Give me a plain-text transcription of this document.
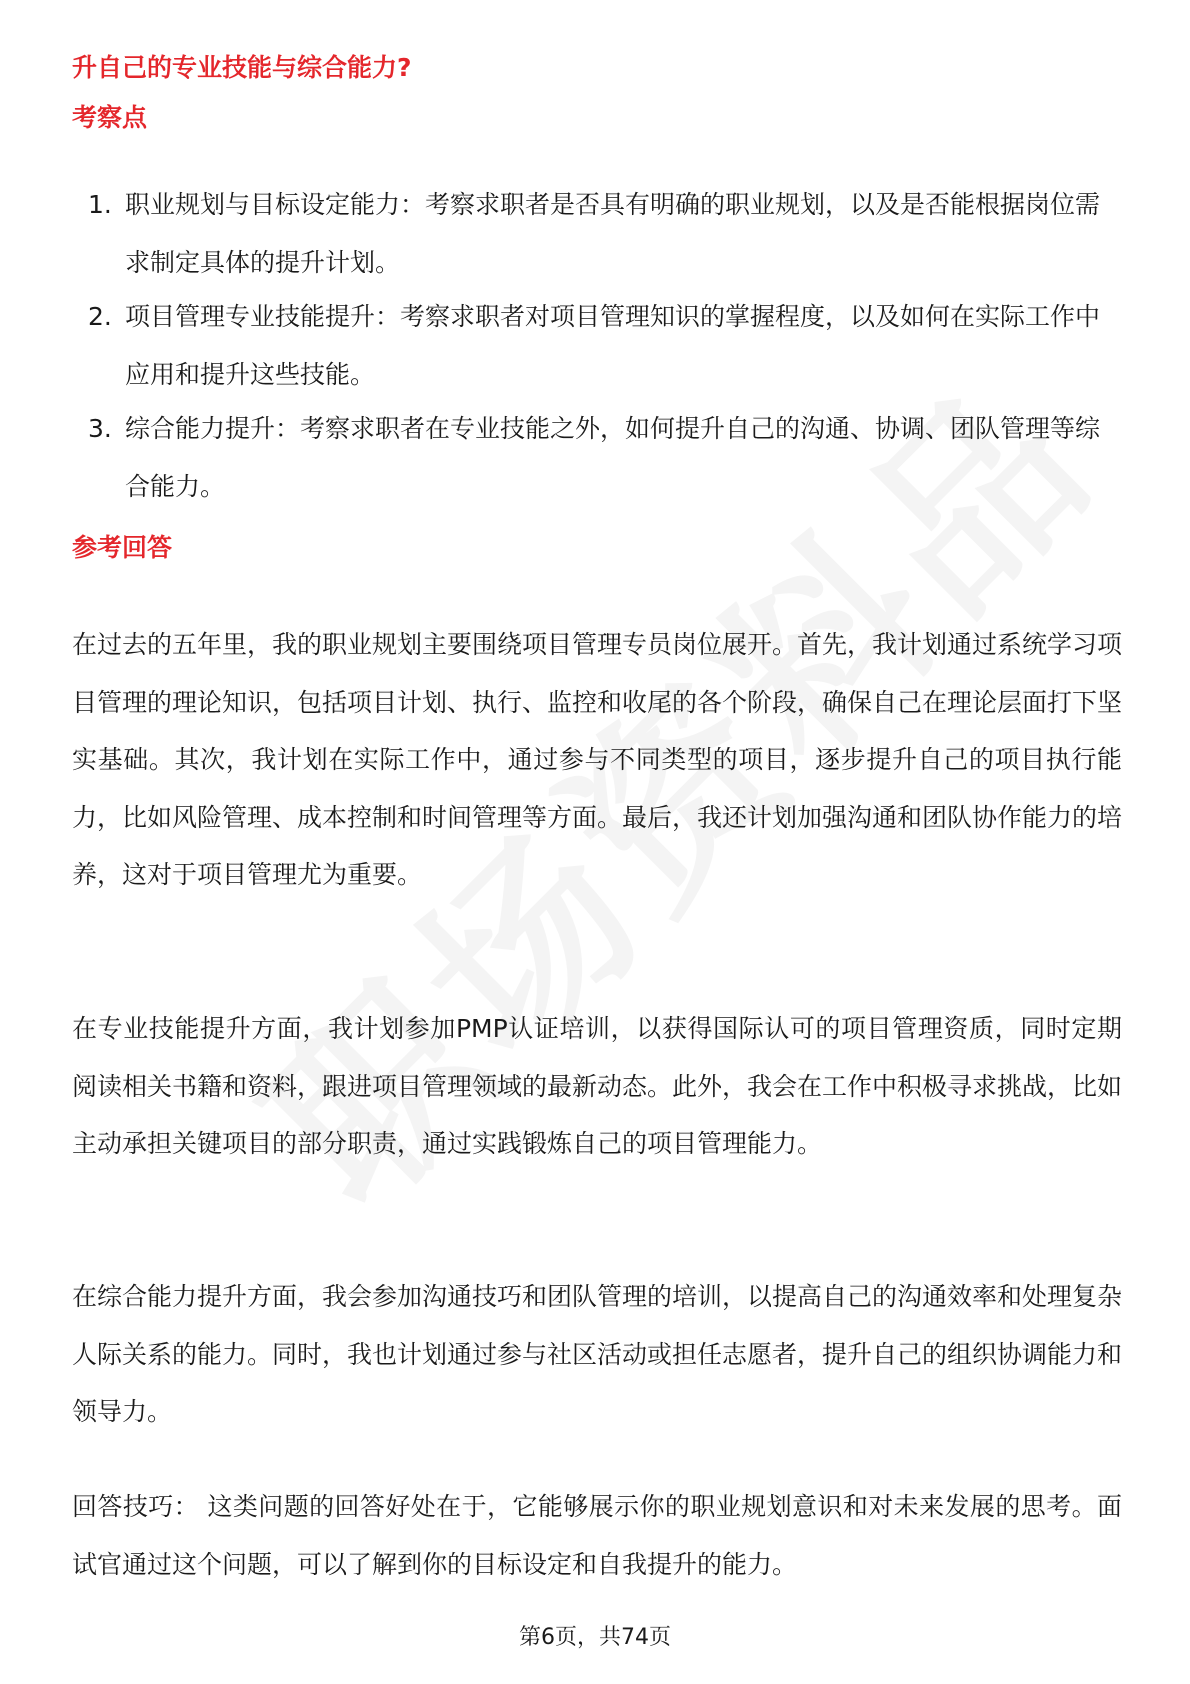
升自己的专业技能与综合能力?
考察点
1. 职业规划与目标设定能力：考察求职者是否具有明确的职业规划，以及是否能根据岗位需求制定具体的提升计划。
2. 项目管理专业技能提升：考察求职者对项目管理知识的掌握程度，以及如何在实际工作中应用和提升这些技能。
3. 综合能力提升：考察求职者在专业技能之外，如何提升自己的沟通、协调、团队管理等综合能力。
参考回答

在过去的五年里，我的职业规划主要围绕项目管理专员岗位展开。首先，我计划通过系统学习项目管理的理论知识，包括项目计划、执行、监控和收尾的各个阶段，确保自己在理论层面打下坚实基础。其次，我计划在实际工作中，通过参与不同类型的项目，逐步提升自己的项目执行能力，比如风险管理、成本控制和时间管理等方面。最后，我还计划加强沟通和团队协作能力的培养，这对于项目管理尤为重要。

在专业技能提升方面，我计划参加PMP认证培训，以获得国际认可的项目管理资质，同时定期阅读相关书籍和资料，跟进项目管理领域的最新动态。此外，我会在工作中积极寻求挑战，比如主动承担关键项目的部分职责，通过实践锻炼自己的项目管理能力。

在综合能力提升方面，我会参加沟通技巧和团队管理的培训，以提高自己的沟通效率和处理复杂人际关系的能力。同时，我也计划通过参与社区活动或担任志愿者，提升自己的组织协调能力和领导力。

回答技巧： 这类问题的回答好处在于，它能够展示你的职业规划意识和对未来发展的思考。面试官通过这个问题，可以了解到你的目标设定和自我提升的能力。

第6页，共74页
